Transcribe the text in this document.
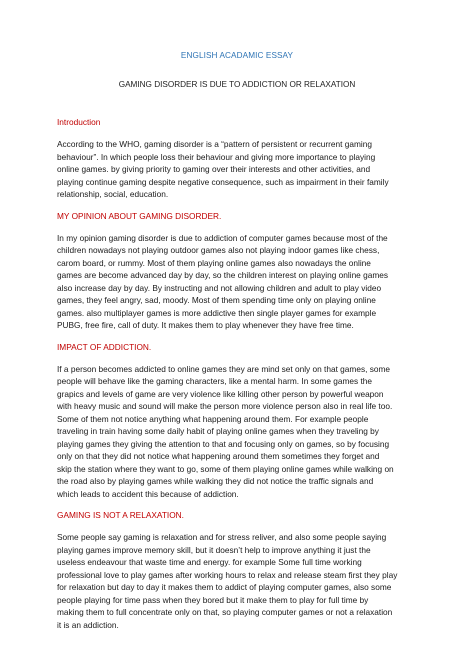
ENGLISH ACADAMIC ESSAY
GAMING DISORDER IS DUE TO ADDICTION OR RELAXATION
Introduction
According to the WHO, gaming disorder is a “pattern of persistent or recurrent gaming
behaviour”. In which people loss their behaviour and giving more importance to playing
online games. by giving priority to gaming over their interests and other activities, and
playing continue gaming despite negative consequence, such as impairment in their family
relationship, social, education.
MY OPINION ABOUT GAMING DISORDER.
In my opinion gaming disorder is due to addiction of computer games because most of the
children nowadays not playing outdoor games also not playing indoor games like chess,
carom board, or rummy. Most of them playing online games also nowadays the online
games are become advanced day by day, so the children interest on playing online games
also increase day by day. By instructing and not allowing children and adult to play video
games, they feel angry, sad, moody. Most of them spending time only on playing online
games. also multiplayer games is more addictive then single player games for example
PUBG, free fire, call of duty. It makes them to play whenever they have free time.
IMPACT OF ADDICTION.
If a person becomes addicted to online games they are mind set only on that games, some
people will behave like the gaming characters, like a mental harm. In some games the
grapics and levels of game are very violence like killing other person by powerful weapon
with heavy music and sound will make the person more violence person also in real life too.
Some of them not notice anything what happening around them. For example people
traveling in train having some daily habit of playing online games when they traveling by
playing games they giving the attention to that and focusing only on games, so by focusing
only on that they did not notice what happening around them sometimes they forget and
skip the station where they want to go, some of them playing online games while walking on
the road also by playing games while walking they did not notice the traffic signals and
which leads to accident this because of addiction.
GAMING IS NOT A RELAXATION.
Some people say gaming is relaxation and for stress reliver, and also some people saying
playing games improve memory skill, but it doesn’t help to improve anything it just the
useless endeavour that waste time and energy. for example Some full time working
professional love to play games after working hours to relax and release steam first they play
for relaxation but day to day it makes them to addict of playing computer games, also some
people playing for time pass when they bored but it make them to play for full time by
making them to full concentrate only on that, so playing computer games or not a relaxation
it is an addiction.
